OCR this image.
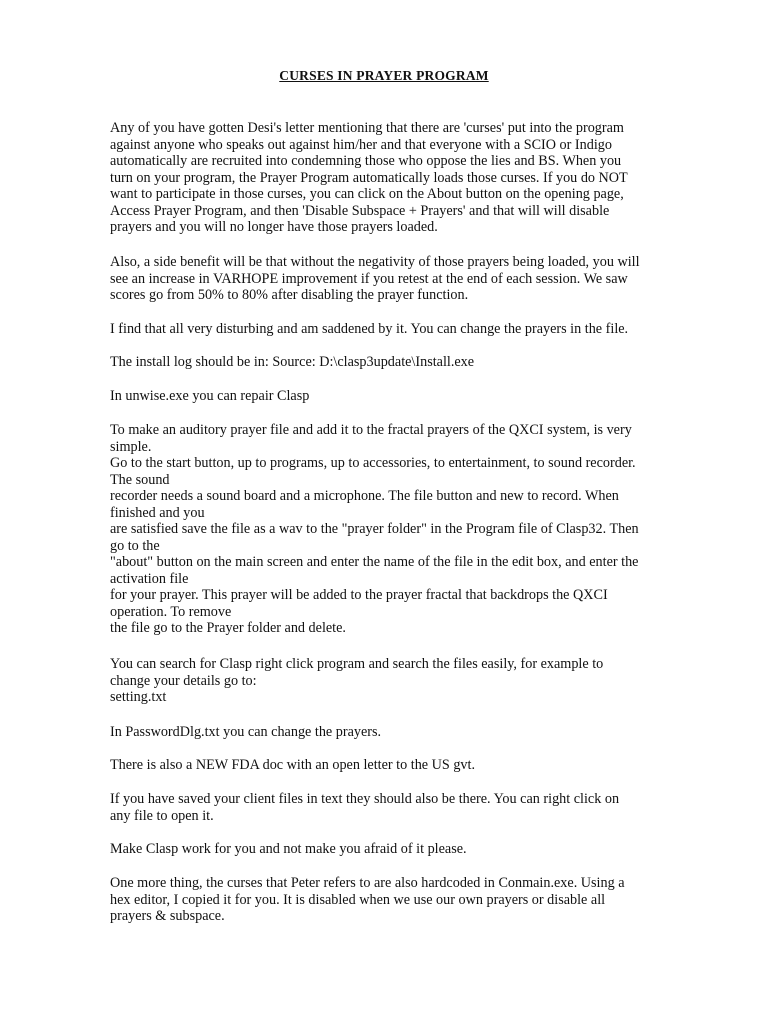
CURSES IN PRAYER PROGRAM
Any of you have gotten Desi's letter mentioning that there are 'curses' put into the program
against anyone who speaks out against him/her and that everyone with a SCIO or Indigo
automatically are recruited into condemning those who oppose the lies and BS. When you
turn on your program, the Prayer Program automatically loads those curses. If you do NOT
want to participate in those curses, you can click on the About button on the opening page,
Access Prayer Program, and then 'Disable Subspace + Prayers' and that will will disable
prayers and you will no longer have those prayers loaded.
Also, a side benefit will be that without the negativity of those prayers being loaded, you will
see an increase in VARHOPE improvement if you retest at the end of each session. We saw
scores go from 50% to 80% after disabling the prayer function.
I find that all very disturbing and am saddened by it. You can change the prayers in the file.
The install log should be in: Source: D:\clasp3update\Install.exe
In unwise.exe you can repair Clasp
To make an auditory prayer file and add it to the fractal prayers of the QXCI system, is very
simple.
Go to the start button, up to programs, up to accessories, to entertainment, to sound recorder.
The sound
recorder needs a sound board and a microphone. The file button and new to record. When
finished and you
are satisfied save the file as a wav to the "prayer folder" in the Program file of Clasp32. Then
go to the
"about" button on the main screen and enter the name of the file in the edit box, and enter the
activation file
for your prayer. This prayer will be added to the prayer fractal that backdrops the QXCI
operation. To remove
the file go to the Prayer folder and delete.
You can search for Clasp right click program and search the files easily, for example to
change your details go to:
setting.txt
In PasswordDlg.txt you can change the prayers.
There is also a NEW FDA doc with an open letter to the US gvt.
If you have saved your client files in text they should also be there. You can right click on
any file to open it.
Make Clasp work for you and not make you afraid of it please.
One more thing, the curses that Peter refers to are also hardcoded in Conmain.exe. Using a
hex editor, I copied it for you. It is disabled when we use our own prayers or disable all
prayers & subspace.
